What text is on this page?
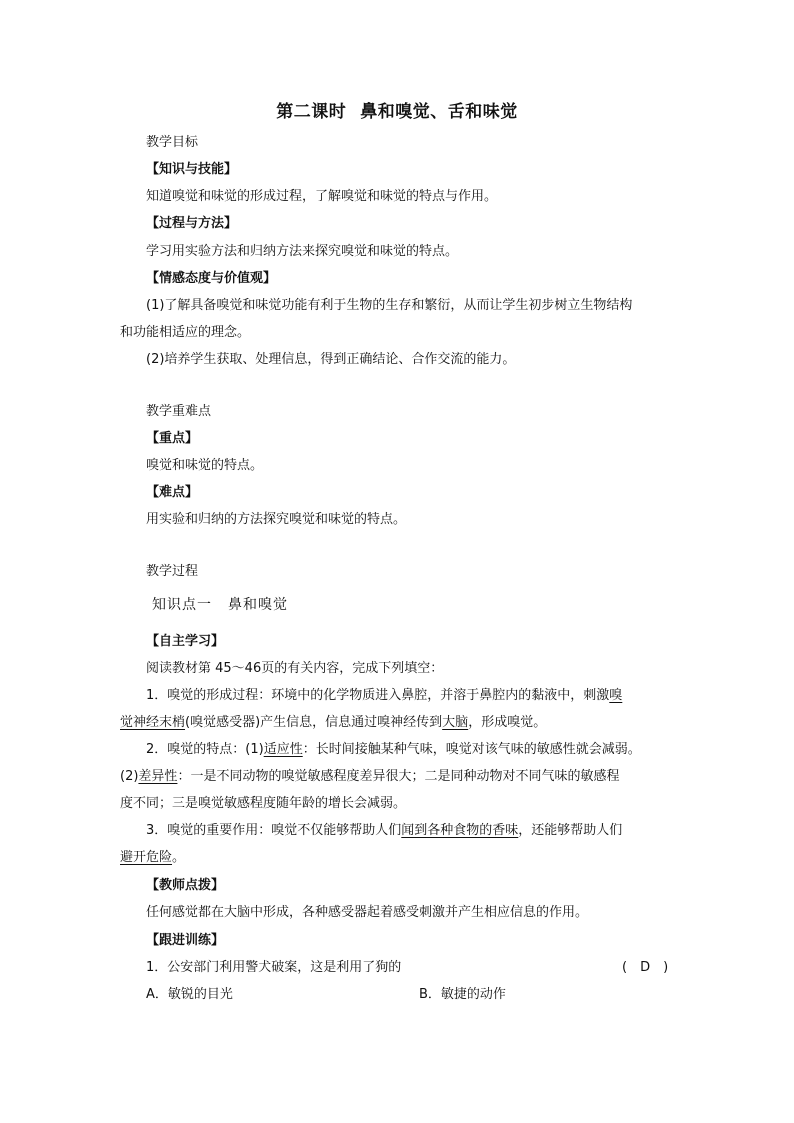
第二课时 鼻和嗅觉、舌和味觉
教学目标
【知识与技能】
知道嗅觉和味觉的形成过程，了解嗅觉和味觉的特点与作用。
【过程与方法】
学习用实验方法和归纳方法来探究嗅觉和味觉的特点。
【情感态度与价值观】
(1)了解具备嗅觉和味觉功能有利于生物的生存和繁衍，从而让学生初步树立生物结构
和功能相适应的理念。
(2)培养学生获取、处理信息，得到正确结论、合作交流的能力。
教学重难点
【重点】
嗅觉和味觉的特点。
【难点】
用实验和归纳的方法探究嗅觉和味觉的特点。
教学过程
知识点一 鼻和嗅觉
【自主学习】
阅读教材第 45～46页的有关内容，完成下列填空：
1．嗅觉的形成过程：环境中的化学物质进入鼻腔，并溶于鼻腔内的黏液中，刺激嗅
觉神经末梢(嗅觉感受器)产生信息，信息通过嗅神经传到大脑，形成嗅觉。
2．嗅觉的特点：(1)适应性：长时间接触某种气味，嗅觉对该气味的敏感性就会减弱。
(2)差异性：一是不同动物的嗅觉敏感程度差异很大；二是同种动物对不同气味的敏感程
度不同；三是嗅觉敏感程度随年龄的增长会减弱。
3．嗅觉的重要作用：嗅觉不仅能够帮助人们闻到各种食物的香味，还能够帮助人们
避开危险。
【教师点拨】
任何感觉都在大脑中形成，各种感受器起着感受刺激并产生相应信息的作用。
【跟进训练】
1．公安部门利用警犬破案，这是利用了狗的	(　D　)
A．敏锐的目光	B．敏捷的动作
